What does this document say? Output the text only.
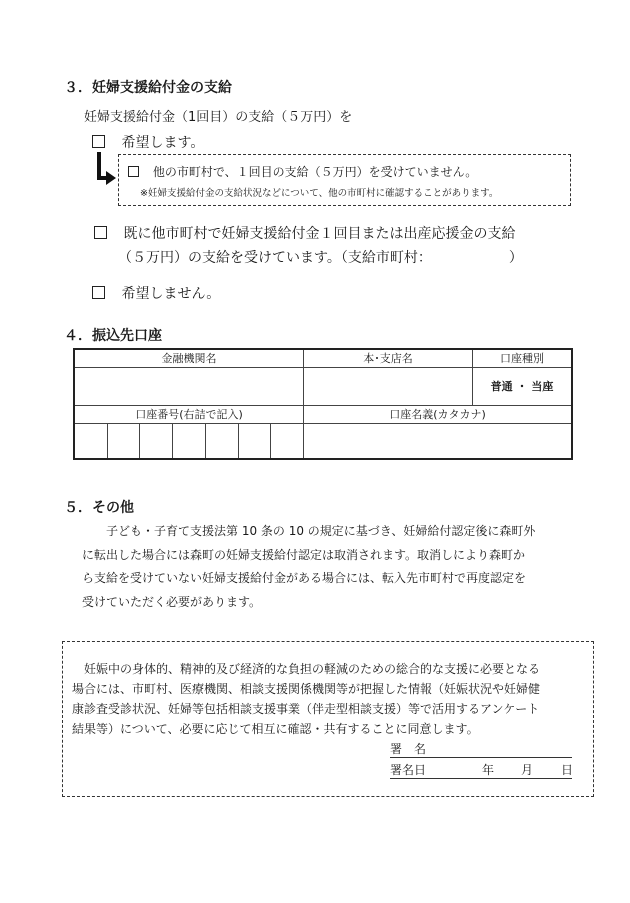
３．妊婦支援給付金の支給
妊婦支援給付金（1回目）の支給（５万円）を
希望します。
他の市町村で、１回目の支給（５万円）を受けていません。
※妊婦支援給付金の支給状況などについて、他の市町村に確認することがあります。
既に他市町村で妊婦支援給付金１回目または出産応援金の支給
（５万円）の支給を受けています。（支給市町村：　　　　　　）
希望しません。
４．振込先口座
金融機関名	本･支店名	口座種別
		普通 ・ 当座
口座番号(右詰で記入)	口座名義(カタカナ)	

５．その他
子ども・子育て支援法第 10 条の 10 の規定に基づき、妊婦給付認定後に森町外
に転出した場合には森町の妊婦支援給付認定は取消されます。取消しにより森町か
ら支給を受けていない妊婦支援給付金がある場合には、転入先市町村で再度認定を
受けていただく必要があります。
妊娠中の身体的、精神的及び経済的な負担の軽減のための総合的な支援に必要となる
場合には、市町村、医療機関、相談支援関係機関等が把握した情報（妊娠状況や妊婦健
康診査受診状況、妊婦等包括相談支援事業（伴走型相談支援）等で活用するアンケート
結果等）について、必要に応じて相互に確認・共有することに同意します。
署　名
署名日	年 月 日
